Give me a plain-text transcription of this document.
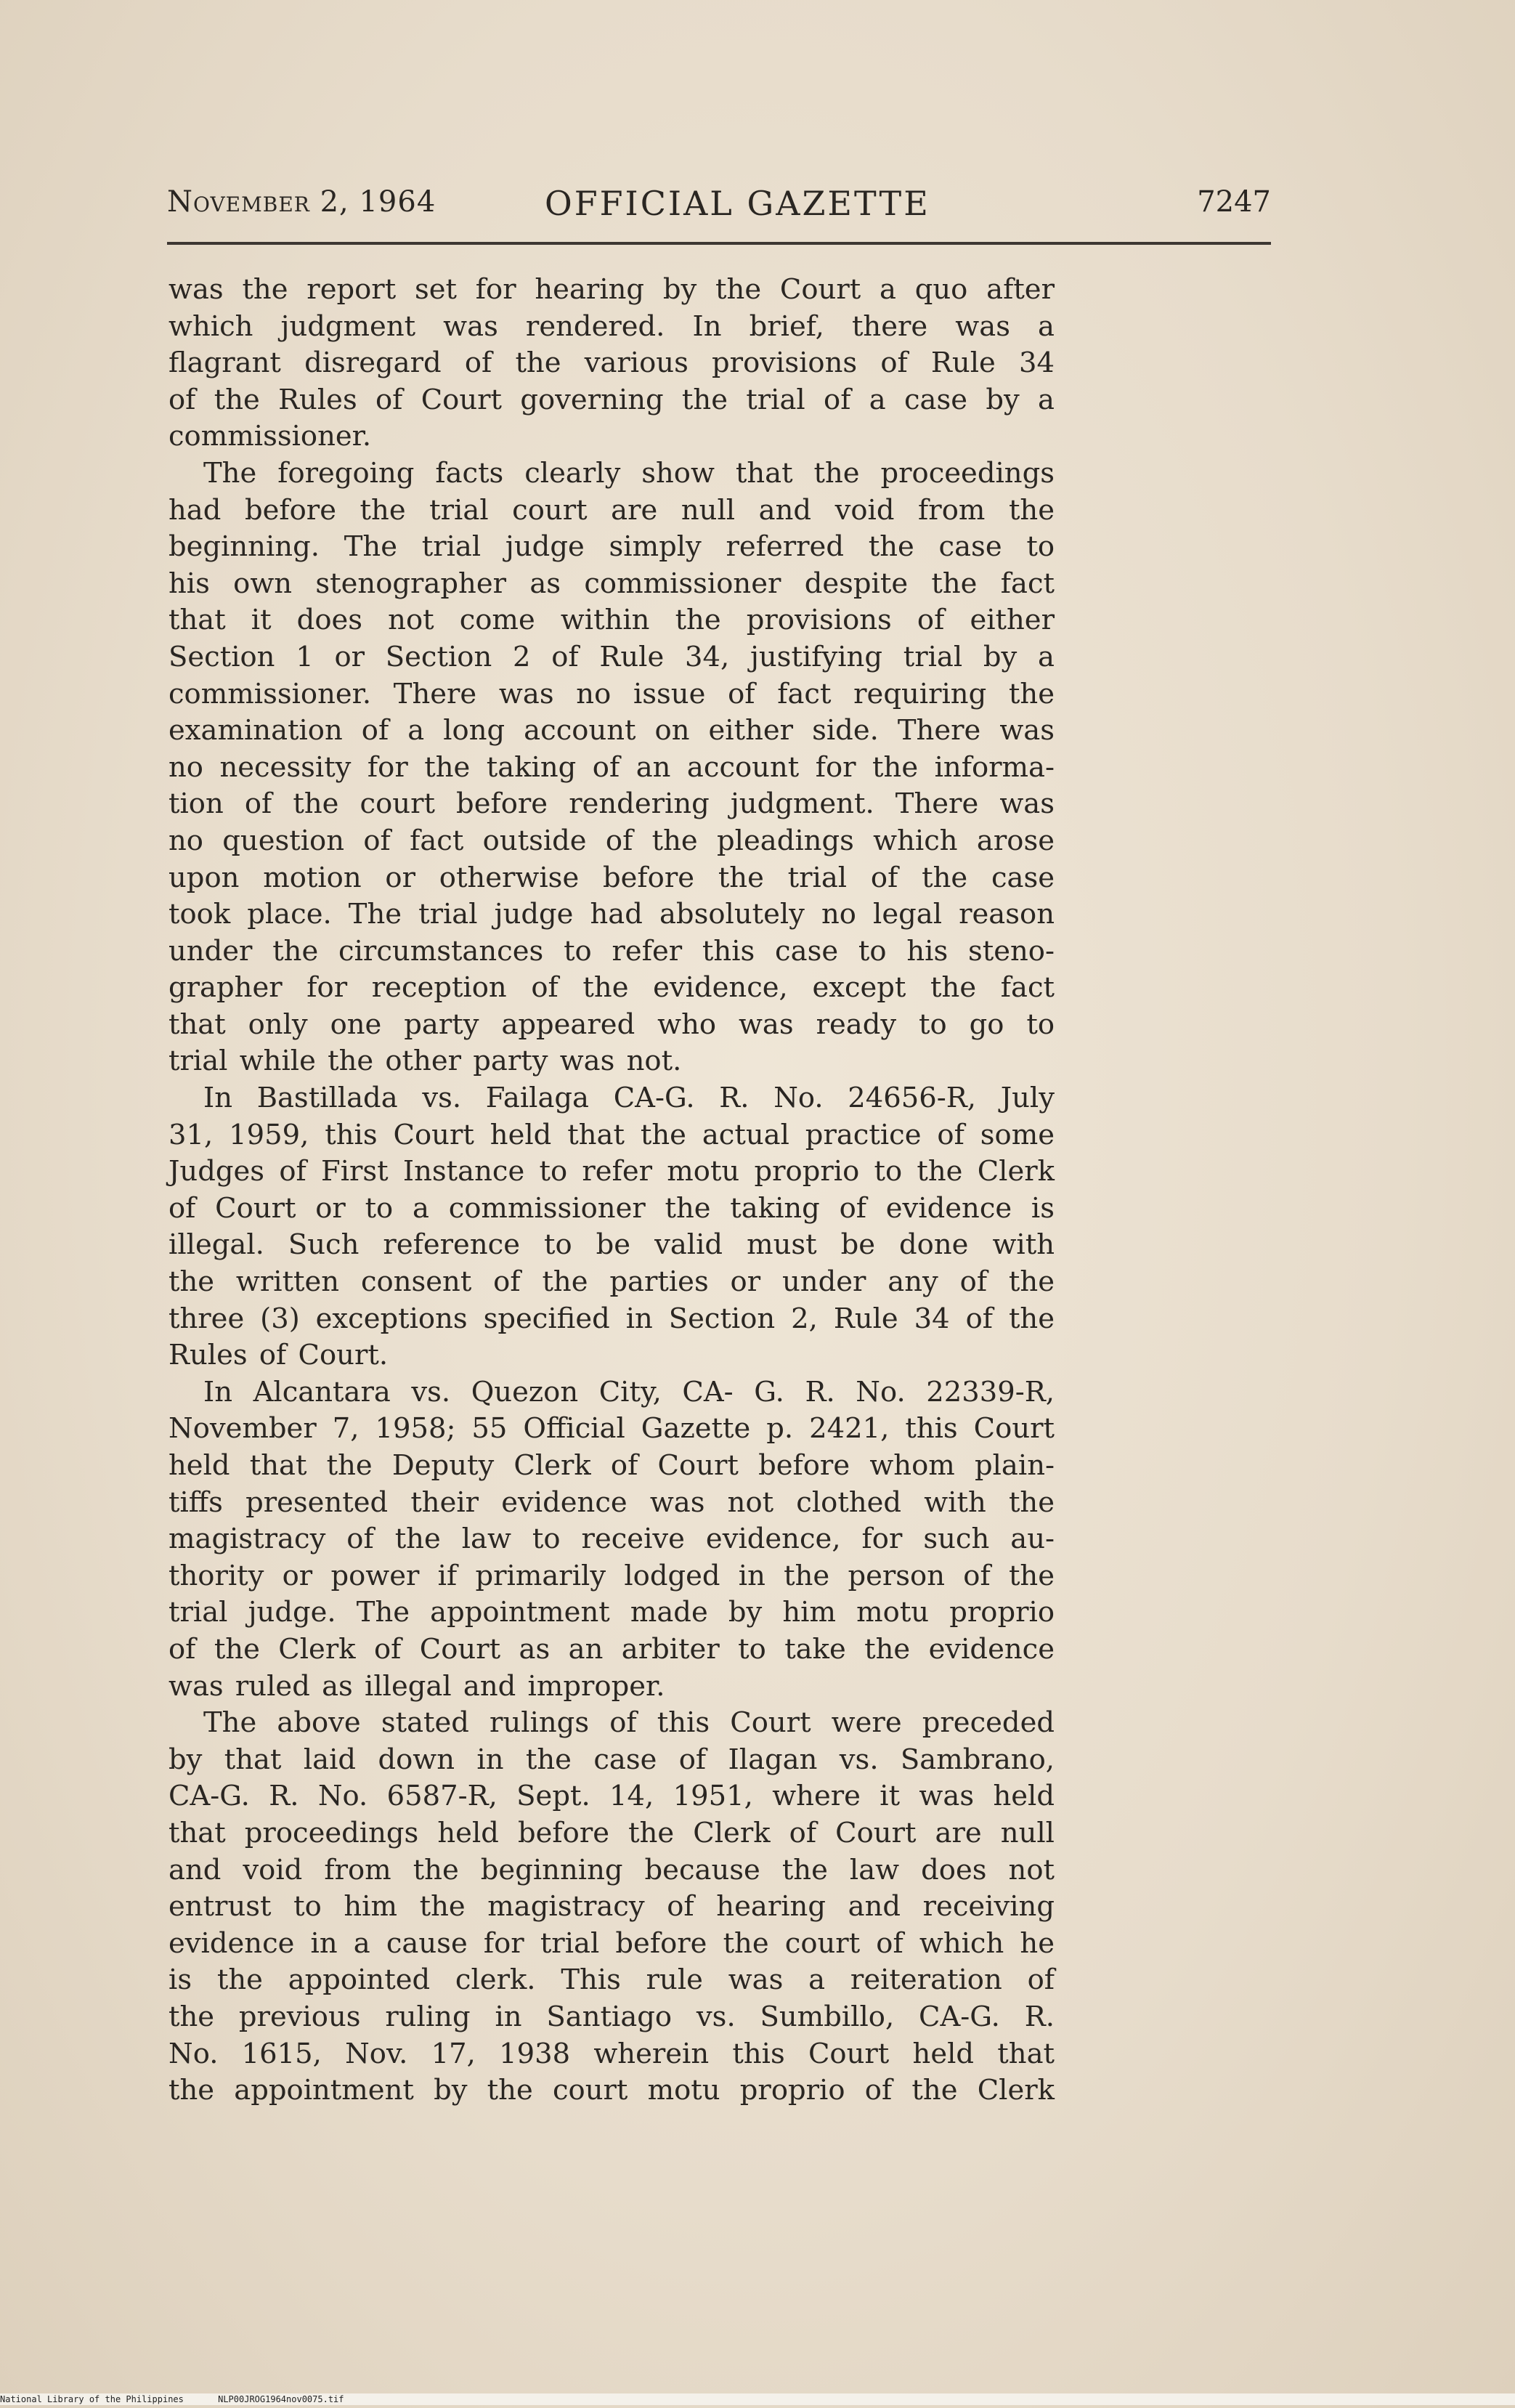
November 2, 1964	OFFICIAL GAZETTE	7247
was the report set for hearing by the Court a quo after
which judgment was rendered. In brief, there was a
flagrant disregard of the various provisions of Rule 34
of the Rules of Court governing the trial of a case by a
commissioner.
The foregoing facts clearly show that the proceedings
had before the trial court are null and void from the
beginning. The trial judge simply referred the case to
his own stenographer as commissioner despite the fact
that it does not come within the provisions of either
Section 1 or Section 2 of Rule 34, justifying trial by a
commissioner. There was no issue of fact requiring the
examination of a long account on either side. There was
no necessity for the taking of an account for the informa-
tion of the court before rendering judgment. There was
no question of fact outside of the pleadings which arose
upon motion or otherwise before the trial of the case
took place. The trial judge had absolutely no legal reason
under the circumstances to refer this case to his steno-
grapher for reception of the evidence, except the fact
that only one party appeared who was ready to go to
trial while the other party was not.
In Bastillada vs. Failaga CA-G. R. No. 24656-R, July
31, 1959, this Court held that the actual practice of some
Judges of First Instance to refer motu proprio to the Clerk
of Court or to a commissioner the taking of evidence is
illegal. Such reference to be valid must be done with
the written consent of the parties or under any of the
three (3) exceptions specified in Section 2, Rule 34 of the
Rules of Court.
In Alcantara vs. Quezon City, CA- G. R. No. 22339-R,
November 7, 1958; 55 Official Gazette p. 2421, this Court
held that the Deputy Clerk of Court before whom plain-
tiffs presented their evidence was not clothed with the
magistracy of the law to receive evidence, for such au-
thority or power if primarily lodged in the person of the
trial judge. The appointment made by him motu proprio
of the Clerk of Court as an arbiter to take the evidence
was ruled as illegal and improper.
The above stated rulings of this Court were preceded
by that laid down in the case of Ilagan vs. Sambrano,
CA-G. R. No. 6587-R, Sept. 14, 1951, where it was held
that proceedings held before the Clerk of Court are null
and void from the beginning because the law does not
entrust to him the magistracy of hearing and receiving
evidence in a cause for trial before the court of which he
is the appointed clerk. This rule was a reiteration of
the previous ruling in Santiago vs. Sumbillo, CA-G. R.
No. 1615, Nov. 17, 1938 wherein this Court held that
the appointment by the court motu proprio of the Clerk
National Library of the Philippines	NLP00JROG1964nov0075.tif
